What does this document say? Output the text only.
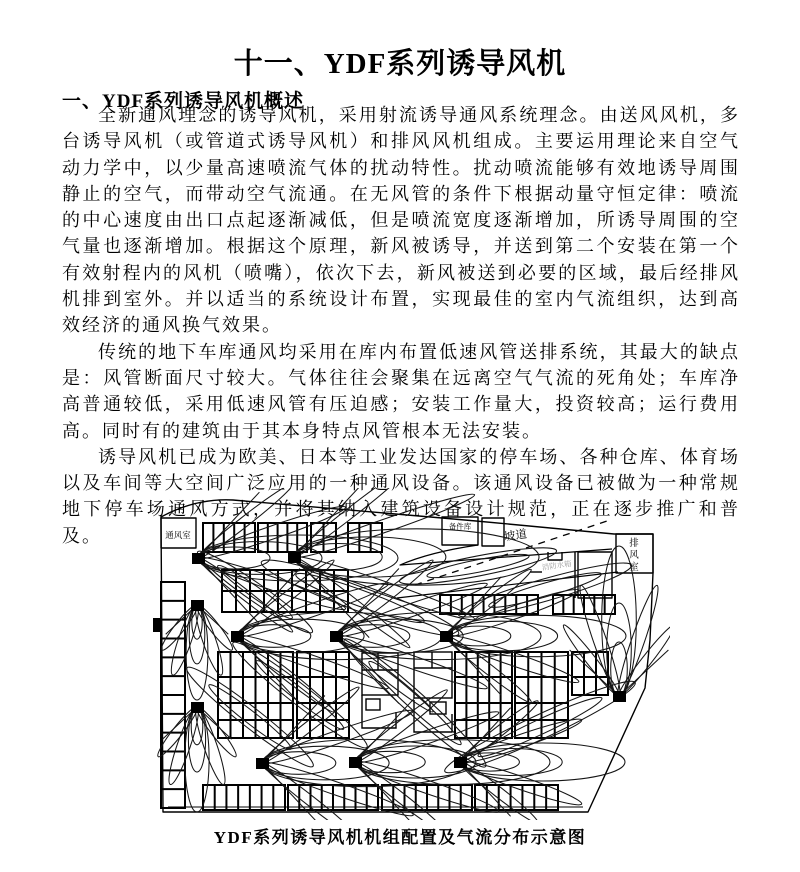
十一、YDF系列诱导风机
一、YDF系列诱导风机概述

全新通风理念的诱导风机，采用射流诱导通风系统理念。由送风风机，多台诱导风机（或管道式诱导风机）和排风风机组成。主要运用理论来自空气动力学中，以少量高速喷流气体的扰动特性。扰动喷流能够有效地诱导周围静止的空气，而带动空气流通。在无风管的条件下根据动量守恒定律：喷流的中心速度由出口点起逐渐减低，但是喷流宽度逐渐增加，所诱导周围的空气量也逐渐增加。根据这个原理，新风被诱导，并送到第二个安装在第一个有效射程内的风机（喷嘴），依次下去，新风被送到必要的区域，最后经排风机排到室外。并以适当的系统设计布置，实现最佳的室内气流组织，达到高效经济的通风换气效果。

传统的地下车库通风均采用在库内布置低速风管送排系统，其最大的缺点是：风管断面尺寸较大。气体往往会聚集在远离空气气流的死角处；车库净高普通较低，采用低速风管有压迫感；安装工作量大，投资较高；运行费用高。同时有的建筑由于其本身特点风管根本无法安装。

诱导风机已成为欧美、日本等工业发达国家的停车场、各种仓库、体育场以及车间等大空间广泛应用的一种通风设备。该通风设备已被做为一种常规地下停车场通风方式，并将其纳入建筑设备设计规范，正在逐步推广和普及。	通风室
备件库
坡道
消防水箱
排风室
YDF系列诱导风机机组配置及气流分布示意图
